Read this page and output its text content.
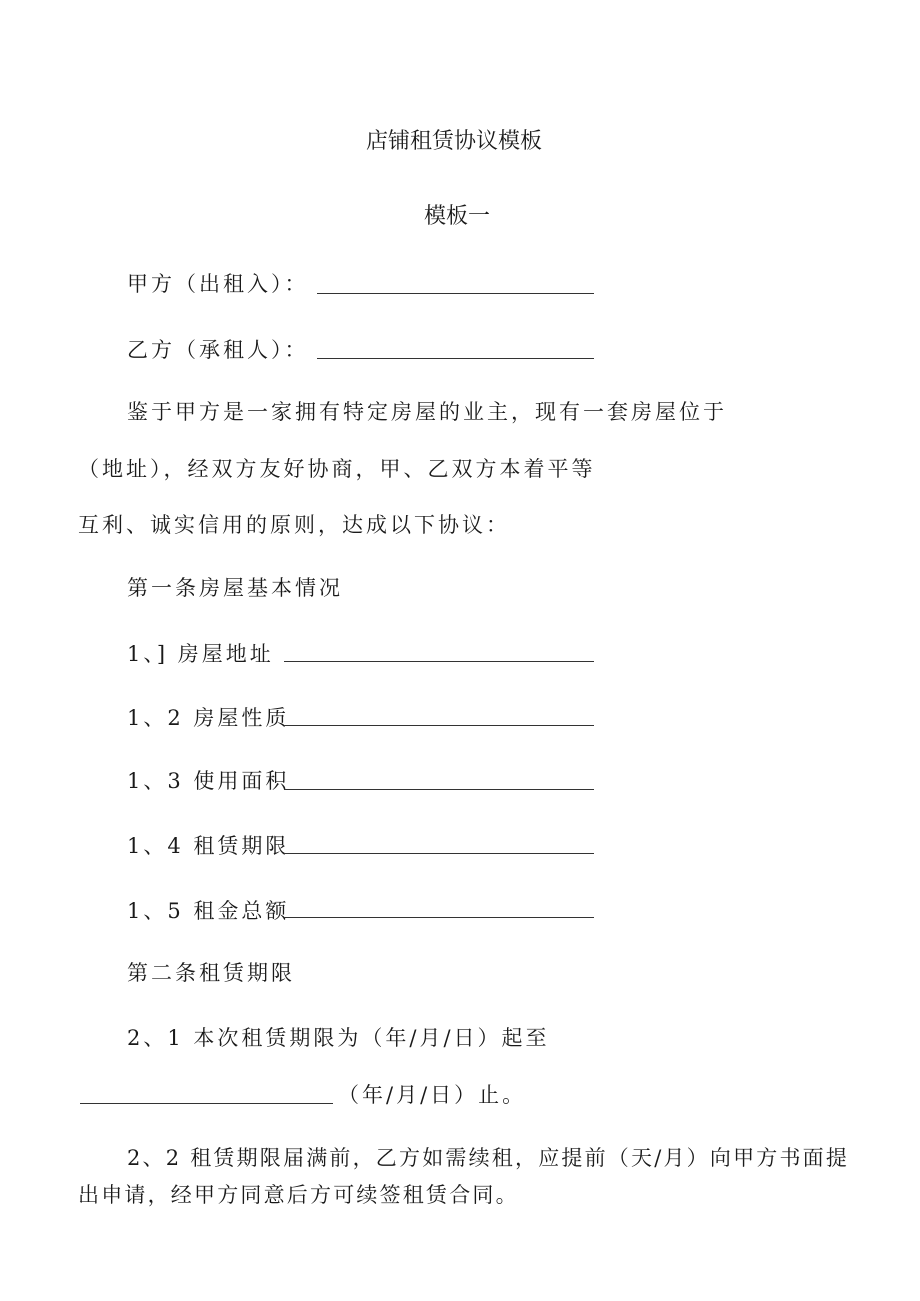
店铺租赁协议模板
模板一
甲方（出租入）：
乙方（承租人）：
鉴于甲方是一家拥有特定房屋的业主，现有一套房屋位于
（地址），经双方友好协商，甲、乙双方本着平等
互利、诚实信用的原则，达成以下协议：
第一条房屋基本情况
1、] 房屋地址
1、2 房屋性质
1、3 使用面积
1、4 租赁期限
1、5 租金总额
第二条租赁期限
2、1 本次租赁期限为（年/月/日）起至
（年/月/日）止。
2、2 租赁期限届满前，乙方如需续租，应提前（天/月）向甲方书面提
出申请，经甲方同意后方可续签租赁合同。
